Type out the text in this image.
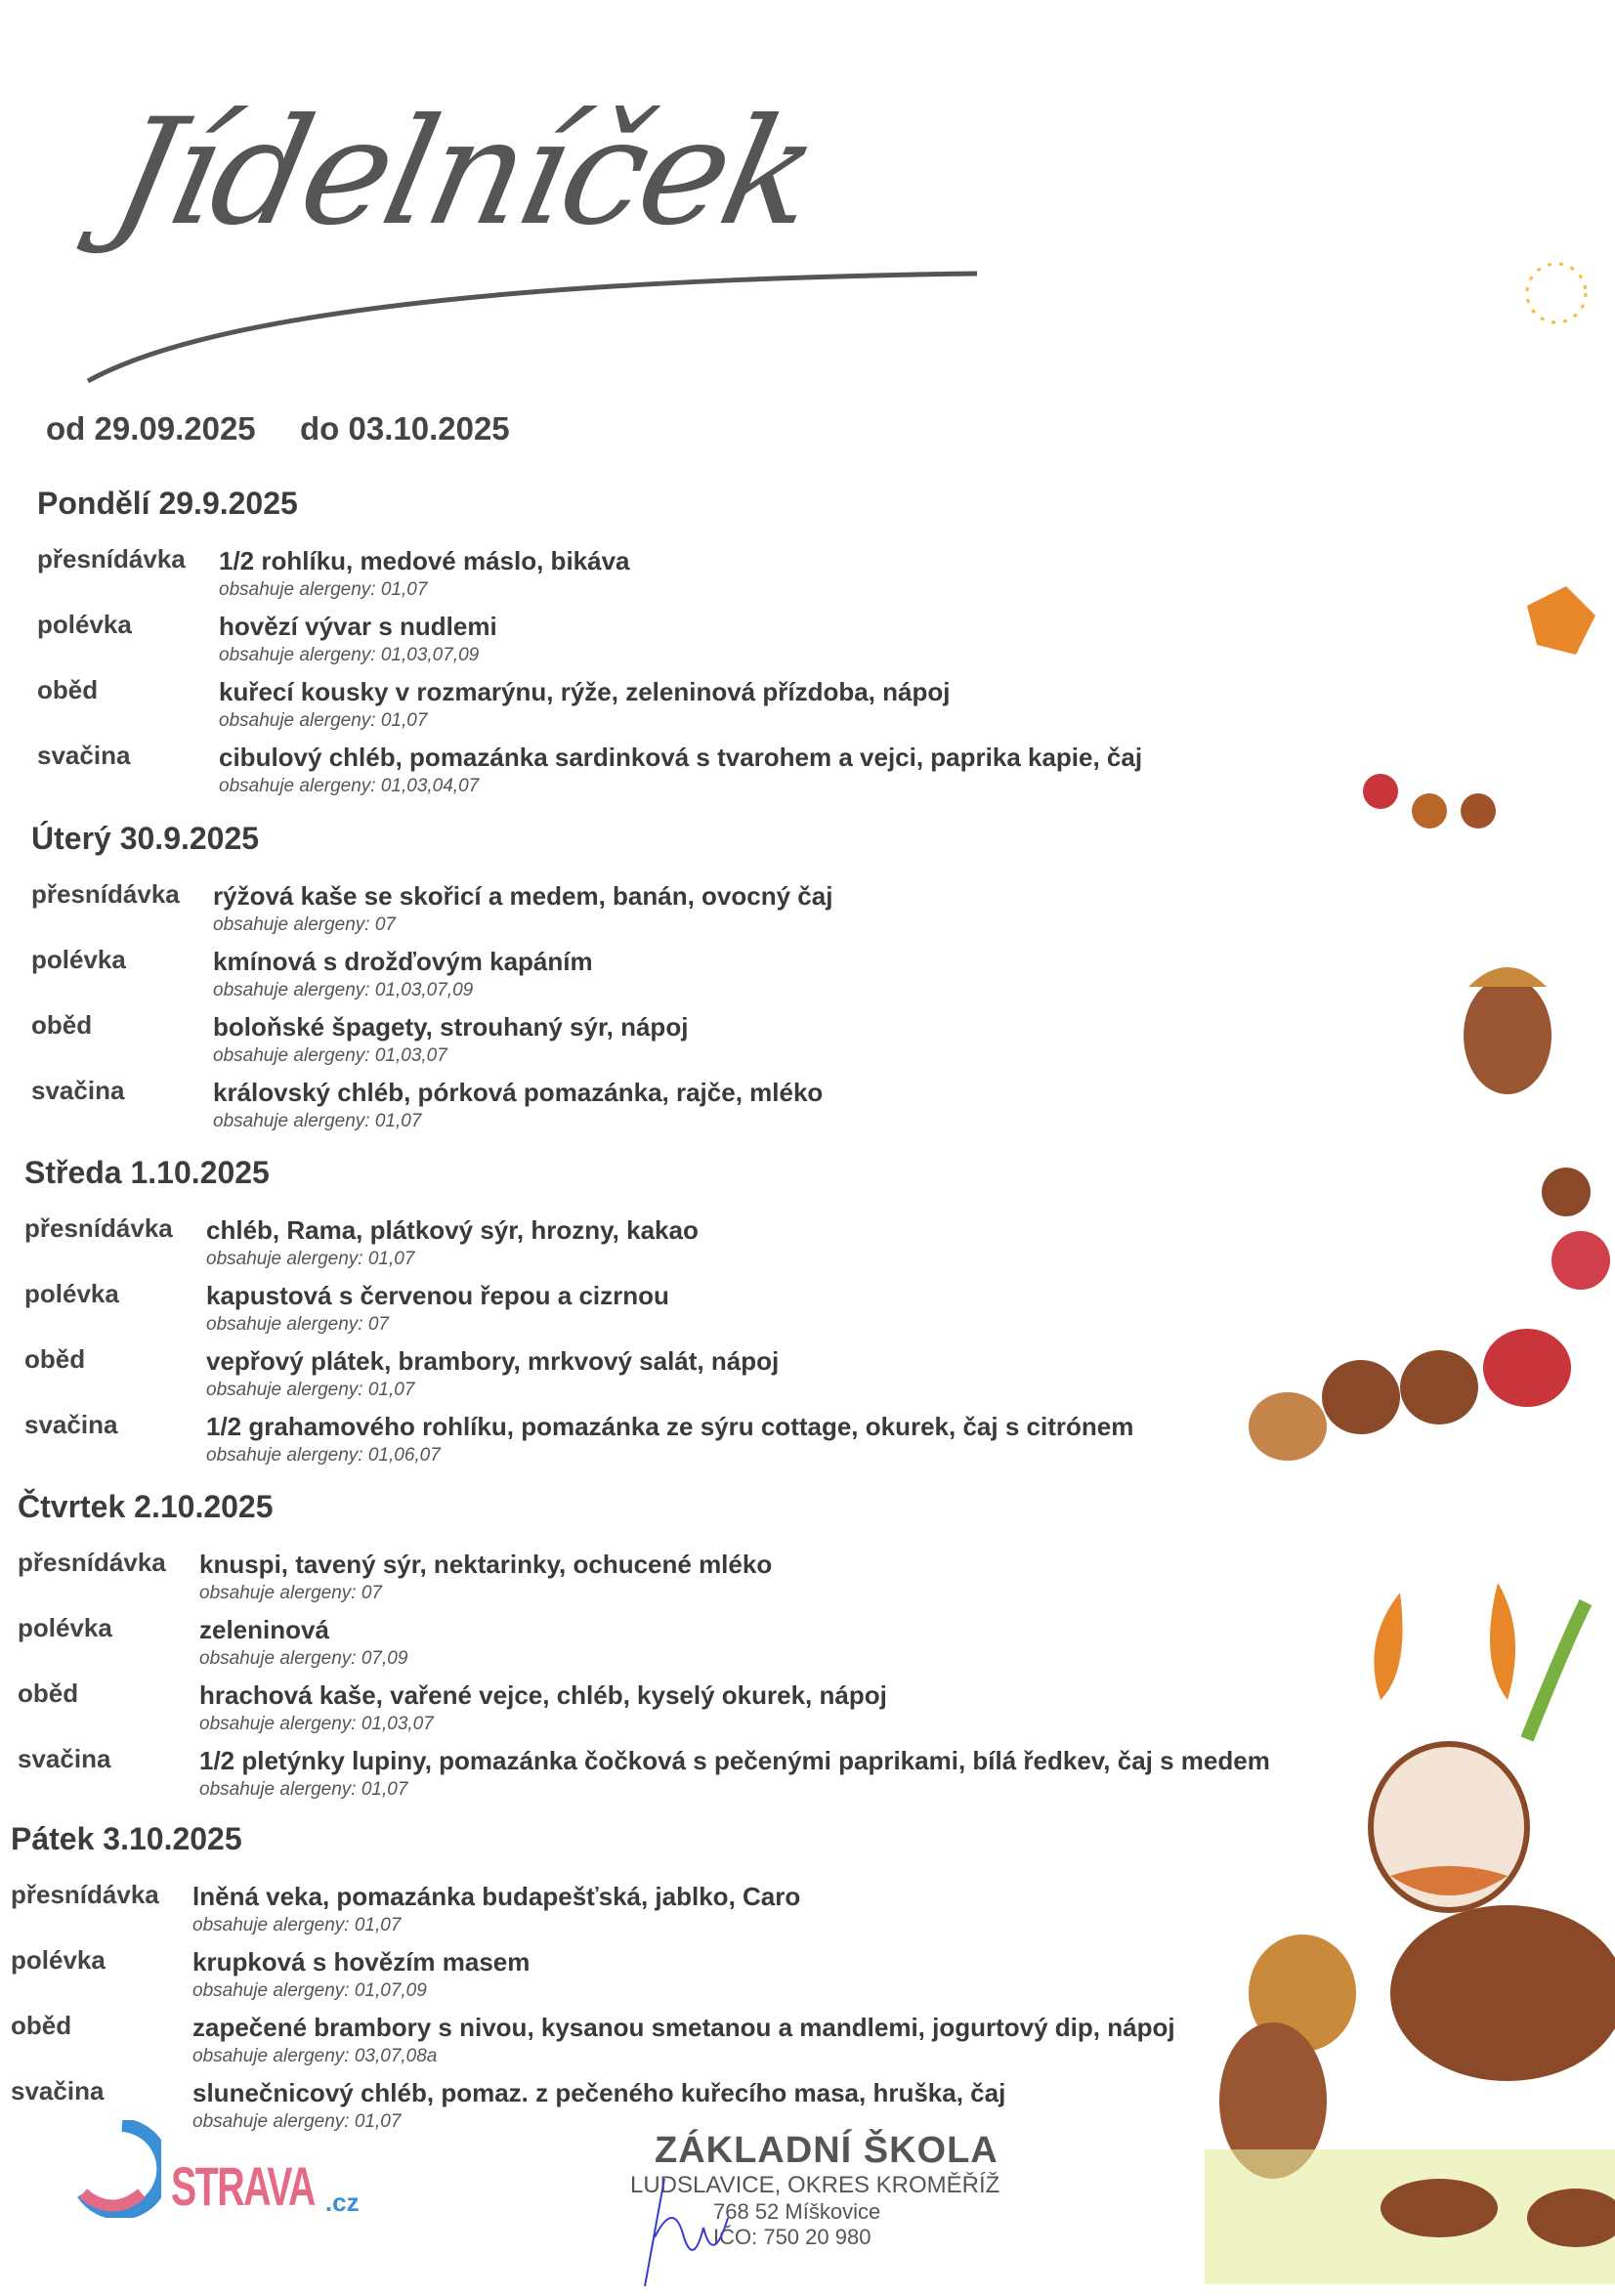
Jídelníček
od 29.09.2025 do 03.10.2025
Pondělí 29.9.2025
přesnídávka 1/2 rohlíku, medové máslo, bikáva
obsahuje alergeny: 01,07
polévka	hovězí vývar s nudlemi
obsahuje alergeny: 01,03,07,09
oběd	kuřecí kousky v rozmarýnu, rýže, zeleninová přízdoba, nápoj
obsahuje alergeny: 01,07
svačina	cibulový chléb, pomazánka sardinková s tvarohem a vejci, paprika kapie, čaj
obsahuje alergeny: 01,03,04,07
Úterý 30.9.2025
přesnídávka rýžová kaše se skořicí a medem, banán, ovocný čaj
obsahuje alergeny: 07
polévka	kmínová s drožďovým kapáním
obsahuje alergeny: 01,03,07,09
oběd	boloňské špagety, strouhaný sýr, nápoj
obsahuje alergeny: 01,03,07
svačina	královský chléb, pórková pomazánka, rajče, mléko
obsahuje alergeny: 01,07
Středa 1.10.2025
přesnídávka chléb, Rama, plátkový sýr, hrozny, kakao
obsahuje alergeny: 01,07
polévka	kapustová s červenou řepou a cizrnou
obsahuje alergeny: 07
oběd	vepřový plátek, brambory, mrkvový salát, nápoj
obsahuje alergeny: 01,07
svačina	1/2 grahamového rohlíku, pomazánka ze sýru cottage, okurek, čaj s citrónem
obsahuje alergeny: 01,06,07
Čtvrtek 2.10.2025
přesnídávka knuspi, tavený sýr, nektarinky, ochucené mléko
obsahuje alergeny: 07
polévka	zeleninová
obsahuje alergeny: 07,09
oběd	hrachová kaše, vařené vejce, chléb, kyselý okurek, nápoj
obsahuje alergeny: 01,03,07
svačina	1/2 pletýnky lupiny, pomazánka čočková s pečenými paprikami, bílá ředkev, čaj s medem
obsahuje alergeny: 01,07
Pátek 3.10.2025
přesnídávka lněná veka, pomazánka budapešťská, jablko, Caro
obsahuje alergeny: 01,07
polévka	krupková s hovězím masem
obsahuje alergeny: 01,07,09
oběd	zapečené brambory s nivou, kysanou smetanou a mandlemi, jogurtový dip, nápoj
obsahuje alergeny: 03,07,08a
svačina	slunečnicový chléb, pomaz. z pečeného kuřecího masa, hruška, čaj
obsahuje alergeny: 01,07
STRAVA .cz
ZÁKLADNÍ ŠKOLA
LUDSLAVICE, OKRES KROMĚŘÍŽ
768 52 Míškovice
IČO: 750 20 980
